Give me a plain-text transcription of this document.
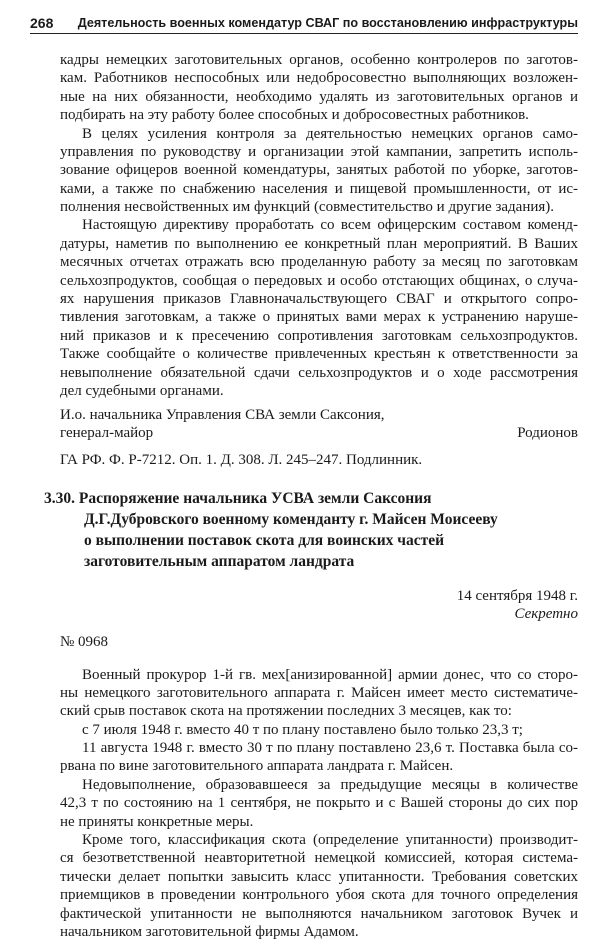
268 Деятельность военных комендатур СВАГ по восстановлению инфраструктуры
кадры немецких заготовительных органов, особенно контролеров по заготов-
кам. Работников неспособных или недобросовестно выполняющих возложен-
ные на них обязанности, необходимо удалять из заготовительных органов и
подбирать на эту работу более способных и добросовестных работников.
В целях усиления контроля за деятельностью немецких органов само-
управления по руководству и организации этой кампании, запретить исполь-
зование офицеров военной комендатуры, занятых работой по уборке, заготов-
ками, а также по снабжению населения и пищевой промышленности, от ис-
полнения несвойственных им функций (совместительство и другие задания).
Настоящую директиву проработать со всем офицерским составом коменд-
датуры, наметив по выполнению ее конкретный план мероприятий. В Ваших
месячных отчетах отражать всю проделанную работу за месяц по заготовкам
сельхозпродуктов, сообщая о передовых и особо отстающих общинах, о случа-
ях нарушения приказов Главноначальствующего СВАГ и открытого сопро-
тивления заготовкам, а также о принятых вами мерах к устранению наруше-
ний приказов и к пресечению сопротивления заготовкам сельхозпродуктов.
Также сообщайте о количестве привлеченных крестьян к ответственности за
невыполнение обязательной сдачи сельхозпродуктов и о ходе рассмотрения
дел судебными органами.
И.о. начальника Управления СВА земли Саксония,
генерал-майор	Родионов
ГА РФ. Ф. Р-7212. Оп. 1. Д. 308. Л. 245–247. Подлинник.
3.30. Распоряжение начальника УСВА земли Саксония
Д.Г.Дубровского военному коменданту г. Майсен Моисееву
о выполнении поставок скота для воинских частей
заготовительным аппаратом ландрата
14 сентября 1948 г.
Секретно
№ 0968
Военный прокурор 1-й гв. мех[анизированной] армии донес, что со сторо-
ны немецкого заготовительного аппарата г. Майсен имеет место систематиче-
ский срыв поставок скота на протяжении последних 3 месяцев, как то:
с 7 июля 1948 г. вместо 40 т по плану поставлено было только 23,3 т;
11 августа 1948 г. вместо 30 т по плану поставлено 23,6 т. Поставка была со-
рвана по вине заготовительного аппарата ландрата г. Майсен.
Недовыполнение, образовавшееся за предыдущие месяцы в количестве
42,3 т по состоянию на 1 сентября, не покрыто и с Вашей стороны до сих пор
не приняты конкретные меры.
Кроме того, классификация скота (определение упитанности) производит-
ся безответственной неавторитетной немецкой комиссией, которая система-
тически делает попытки завысить класс упитанности. Требования советских
приемщиков в проведении контрольного убоя скота для точного определения
фактической упитанности не выполняются начальником заготовок Вучек и
начальником заготовительной фирмы Адамом.
